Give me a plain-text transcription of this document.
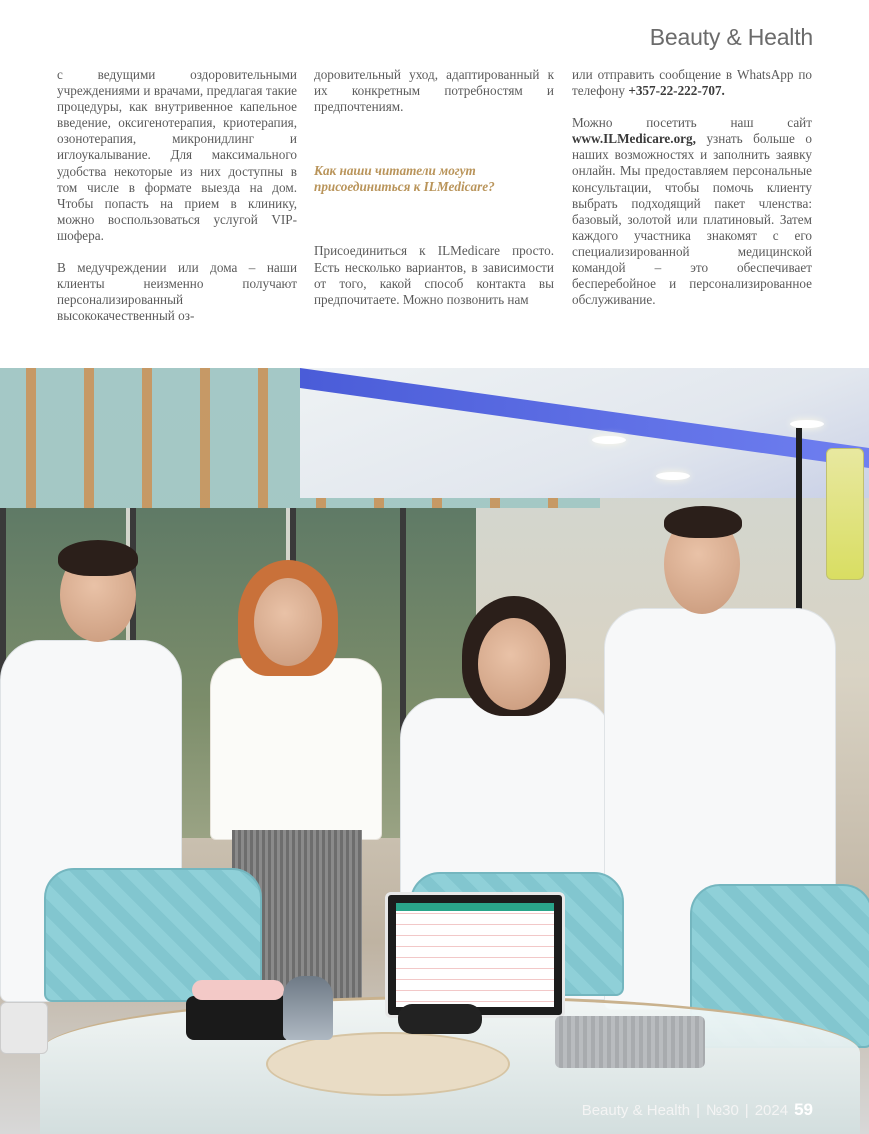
Beauty & Health

с ведущими оздоровительными учреждениями и врачами, предлагая такие процедуры, как внутривенное капельное введение, оксигенотерапия, криотерапия, озонотерапия, микронидлинг и иглоукалывание. Для максимального удобства некоторые из них доступны в том числе в формате выезда на дом. Чтобы попасть на прием в клинику, можно воспользоваться услугой VIP-шофера.

В медучреждении или дома – наши клиенты неизменно получают персонализированный высококачественный оз-

доровительный уход, адаптированный к их конкретным потребностям и предпочтениям.

Как наши читатели могут присоединиться к ILMedicare?

Присоединиться к ILMedicare просто. Есть несколько вариантов, в зависимости от того, какой способ контакта вы предпочитаете. Можно позвонить нам

или отправить сообщение в WhatsApp по телефону +357-22-222-707.

Можно посетить наш сайт www.ILMedicare.org, узнать больше о наших возможностях и заполнить заявку онлайн. Мы предоставляем персональные консультации, чтобы помочь клиенту выбрать подходящий пакет членства: базовый, золотой или платиновый. Затем каждого участника знакомят с его специализированной медицинской командой – это обеспечивает бесперебойное и персонализированное обслуживание.

Beauty & Health | №30 | 2024 59
